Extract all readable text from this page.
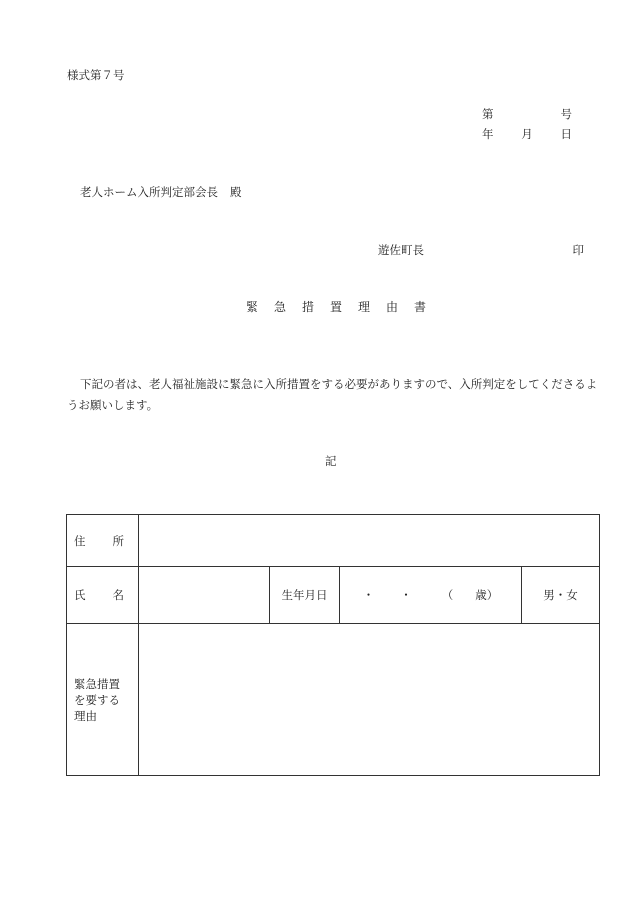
様式第７号
第	号
年 月 日
老人ホーム入所判定部会長 殿
遊佐町長	印
緊急措置理由書
下記の者は、老人福祉施設に緊急に入所措置をする必要がありますので、入所判定をしてくださるようお願いします。
記
住所				
氏名		生年月日	・ ・ （ 歳）	男・女

緊急措置
を要する
理由				
